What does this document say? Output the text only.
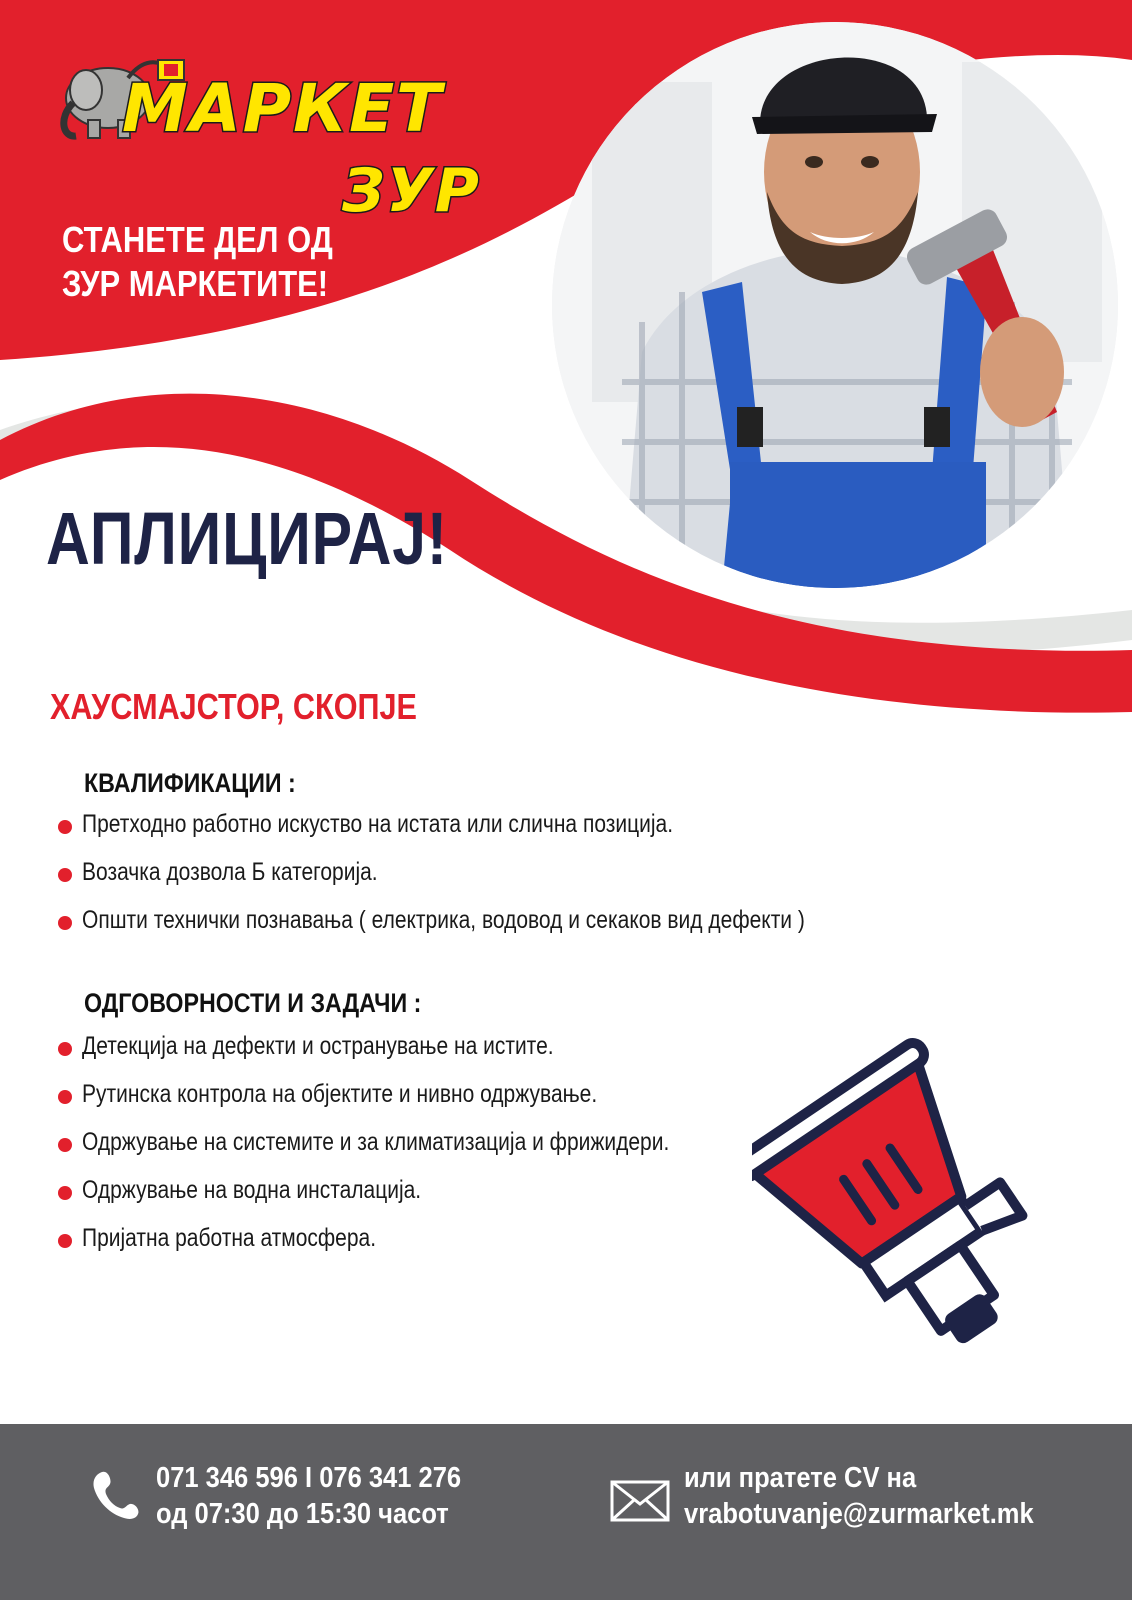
МАРКЕТ
ЗУР
СТАНЕТЕ ДЕЛ ОД
ЗУР МАРКЕТИТЕ!
АПЛИЦИРАЈ!
ХАУСМАЈСТОР, СКОПЈЕ
КВАЛИФИКАЦИИ :
Претходно работно искуство на истата или слична позиција.
Возачка дозвола Б категорија.
Општи технички познавања ( електрика, водовод и секаков вид дефекти )
ОДГОВОРНОСТИ И ЗАДАЧИ :
Детекција на дефекти и остранување на истите.
Рутинска контрола на објектите и нивно одржување.
Одржување на системите и за климатизација и фрижидери.
Одржување на водна инсталација.
Пријатна работна атмосфера.
071 346 596 I 076 341 276
од 07:30 до 15:30 часот
или пратете CV на
vrabotuvanje@zurmarket.mk
